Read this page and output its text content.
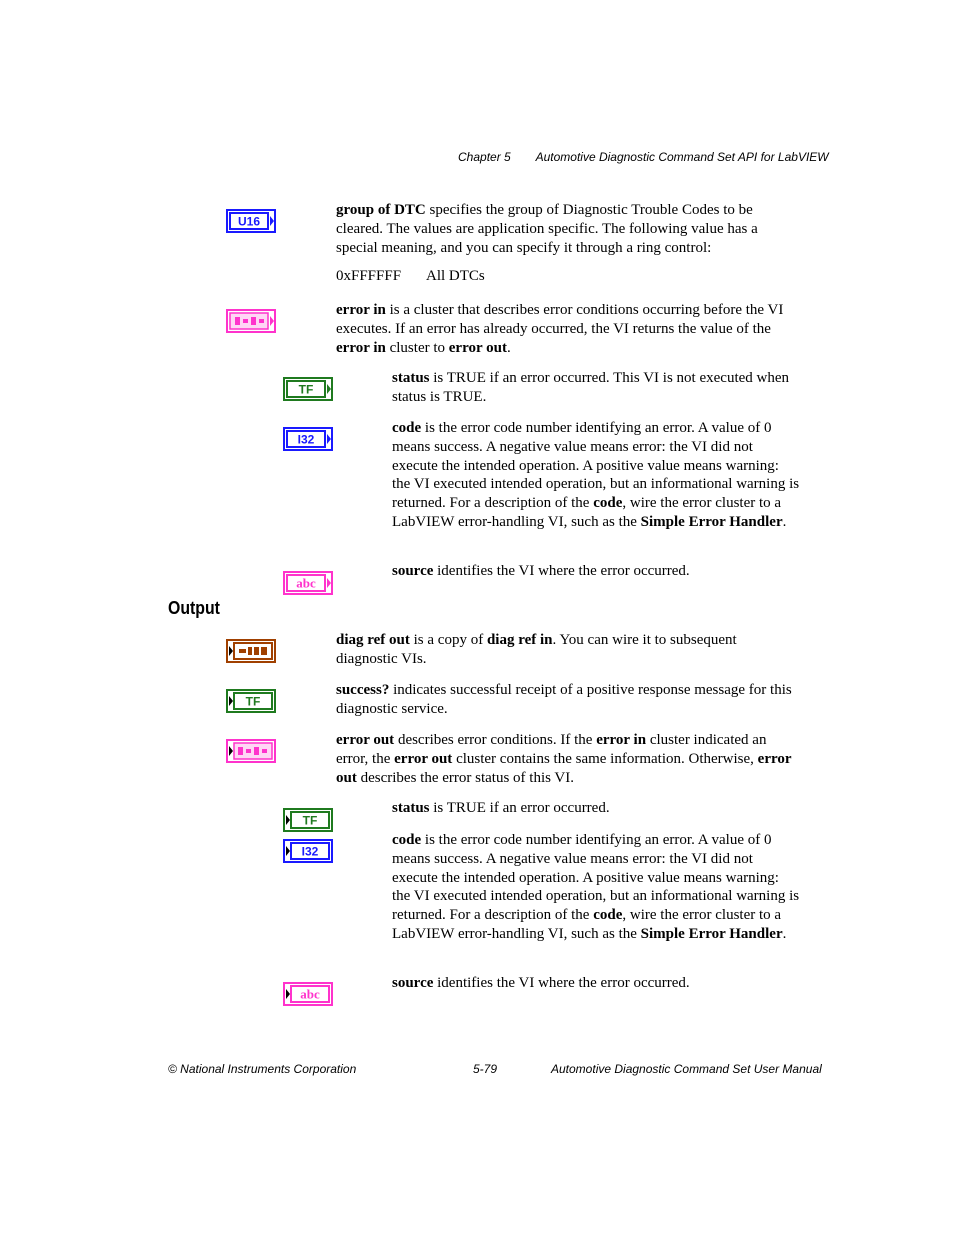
Chapter 5 Automotive Diagnostic Command Set API for LabVIEW
U16
group of DTC specifies the group of Diagnostic Trouble Codes to be cleared. The values are application specific. The following value has a special meaning, and you can specify it through a ring control:
0xFFFFFF All DTCs
error in is a cluster that describes error conditions occurring before the VI executes. If an error has already occurred, the VI returns the value of the error in cluster to error out.
TF
status is TRUE if an error occurred. This VI is not executed when status is TRUE.
I32
code is the error code number identifying an error. A value of 0 means success. A negative value means error: the VI did not execute the intended operation. A positive value means warning: the VI executed intended operation, but an informational warning is returned. For a description of the code, wire the error cluster to a LabVIEW error-handling VI, such as the Simple Error Handler.
abc
source identifies the VI where the error occurred.
Output
diag ref out is a copy of diag ref in. You can wire it to subsequent diagnostic VIs.
TF
success? indicates successful receipt of a positive response message for this diagnostic service.
error out describes error conditions. If the error in cluster indicated an error, the error out cluster contains the same information. Otherwise, error out describes the error status of this VI.
TF
status is TRUE if an error occurred.
I32
code is the error code number identifying an error. A value of 0 means success. A negative value means error: the VI did not execute the intended operation. A positive value means warning: the VI executed intended operation, but an informational warning is returned. For a description of the code, wire the error cluster to a LabVIEW error-handling VI, such as the Simple Error Handler.
abc
source identifies the VI where the error occurred.
© National Instruments Corporation	5-79	Automotive Diagnostic Command Set User Manual
